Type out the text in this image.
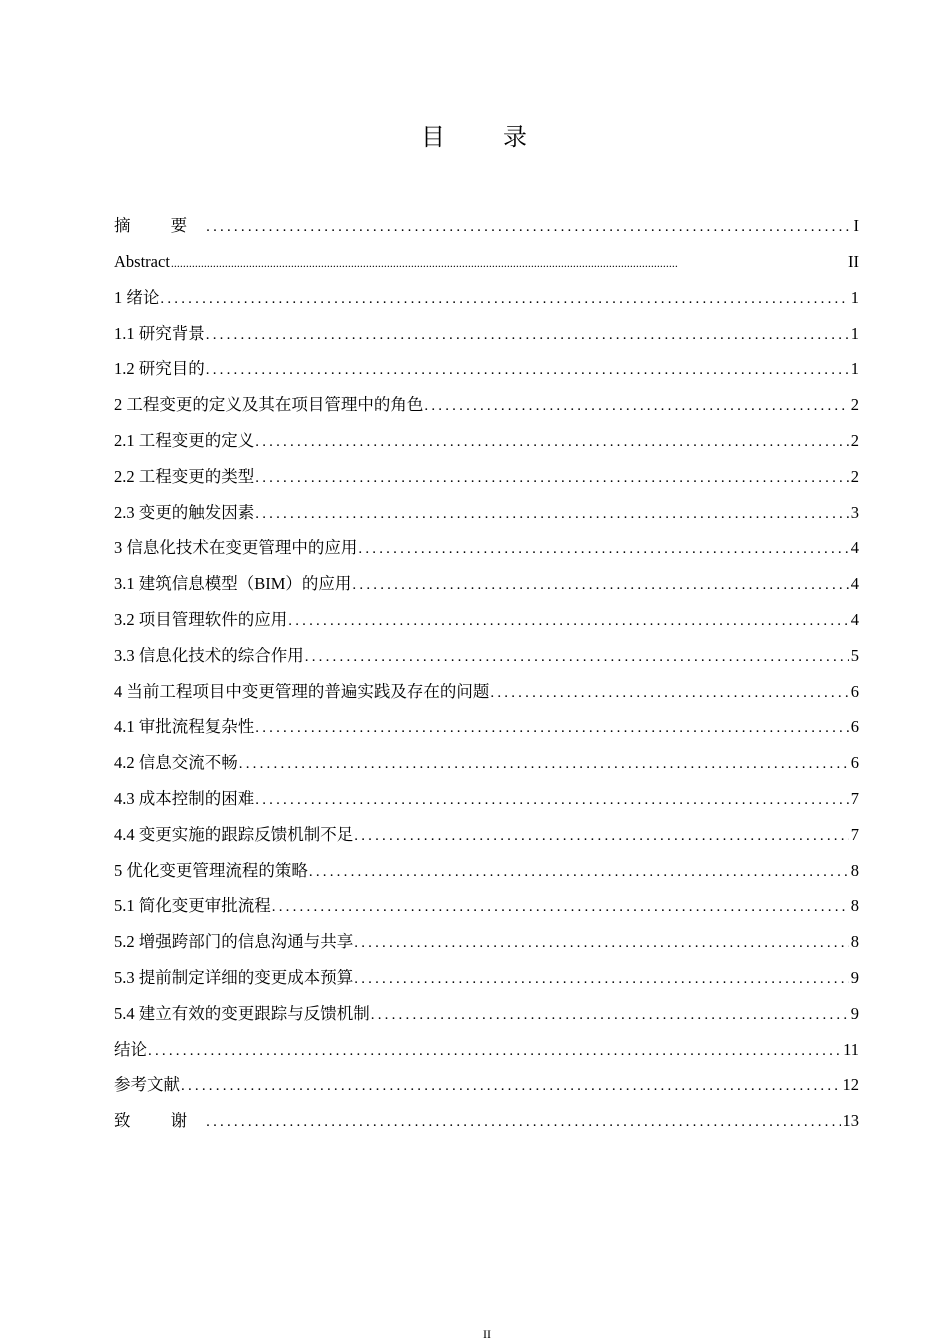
目 录
摘 要 .....	I
Abstract .....	II
1 绪论 .....	1
1.1 研究背景 .....	1
1.2 研究目的 .....	1
2 工程变更的定义及其在项目管理中的角色 .....	2
2.1 工程变更的定义 .....	2
2.2 工程变更的类型 .....	2
2.3 变更的触发因素 .....	3
3 信息化技术在变更管理中的应用 .....	4
3.1 建筑信息模型（BIM）的应用 .....	4
3.2 项目管理软件的应用 .....	4
3.3 信息化技术的综合作用 .....	5
4 当前工程项目中变更管理的普遍实践及存在的问题 .....	6
4.1 审批流程复杂性 .....	6
4.2 信息交流不畅 .....	6
4.3 成本控制的困难 .....	7
4.4 变更实施的跟踪反馈机制不足 .....	7
5 优化变更管理流程的策略 .....	8
5.1 简化变更审批流程 .....	8
5.2 增强跨部门的信息沟通与共享 .....	8
5.3 提前制定详细的变更成本预算 .....	9
5.4 建立有效的变更跟踪与反馈机制 .....	9
结论 .....	11
参考文献 .....	12
致 谢 .....	13
II
